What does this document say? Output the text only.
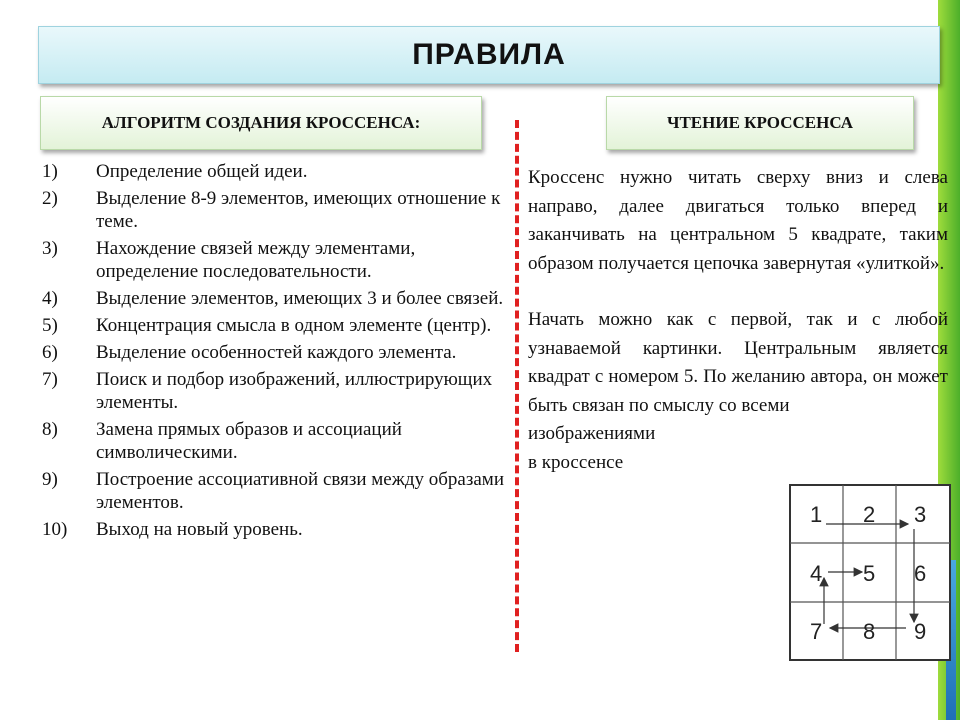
ПРАВИЛА
АЛГОРИТМ СОЗДАНИЯ КРОССЕНСА:	ЧТЕНИЕ КРОССЕНСА
1)	Определение общей идеи.
2)	Выделение 8-9 элементов, имеющих отношение к теме.
3)	Нахождение связей между элементами, определение последовательности.
4)	Выделение элементов, имеющих 3 и более связей.
5)	Концентрация смысла в одном элементе (центр).
6)	Выделение особенностей каждого элемента.
7)	Поиск и подбор изображений, иллюстрирующих элементы.
8)	Замена прямых образов и ассоциаций символическими.
9)	Построение ассоциативной связи между образами элементов.
10)	Выход на новый уровень.

Кроссенс нужно читать сверху вниз и слева направо, далее двигаться только вперед и заканчивать на центральном 5 квадрате, таким образом получается цепочка завернутая «улиткой».

Начать можно как с первой, так и с любой узнаваемой картинки. Центральным является квадрат с номером 5. По желанию автора, он может быть связан по смыслу со всеми

изображениями
в кроссенсе
1 2 3
4 5 6
7 8 9
